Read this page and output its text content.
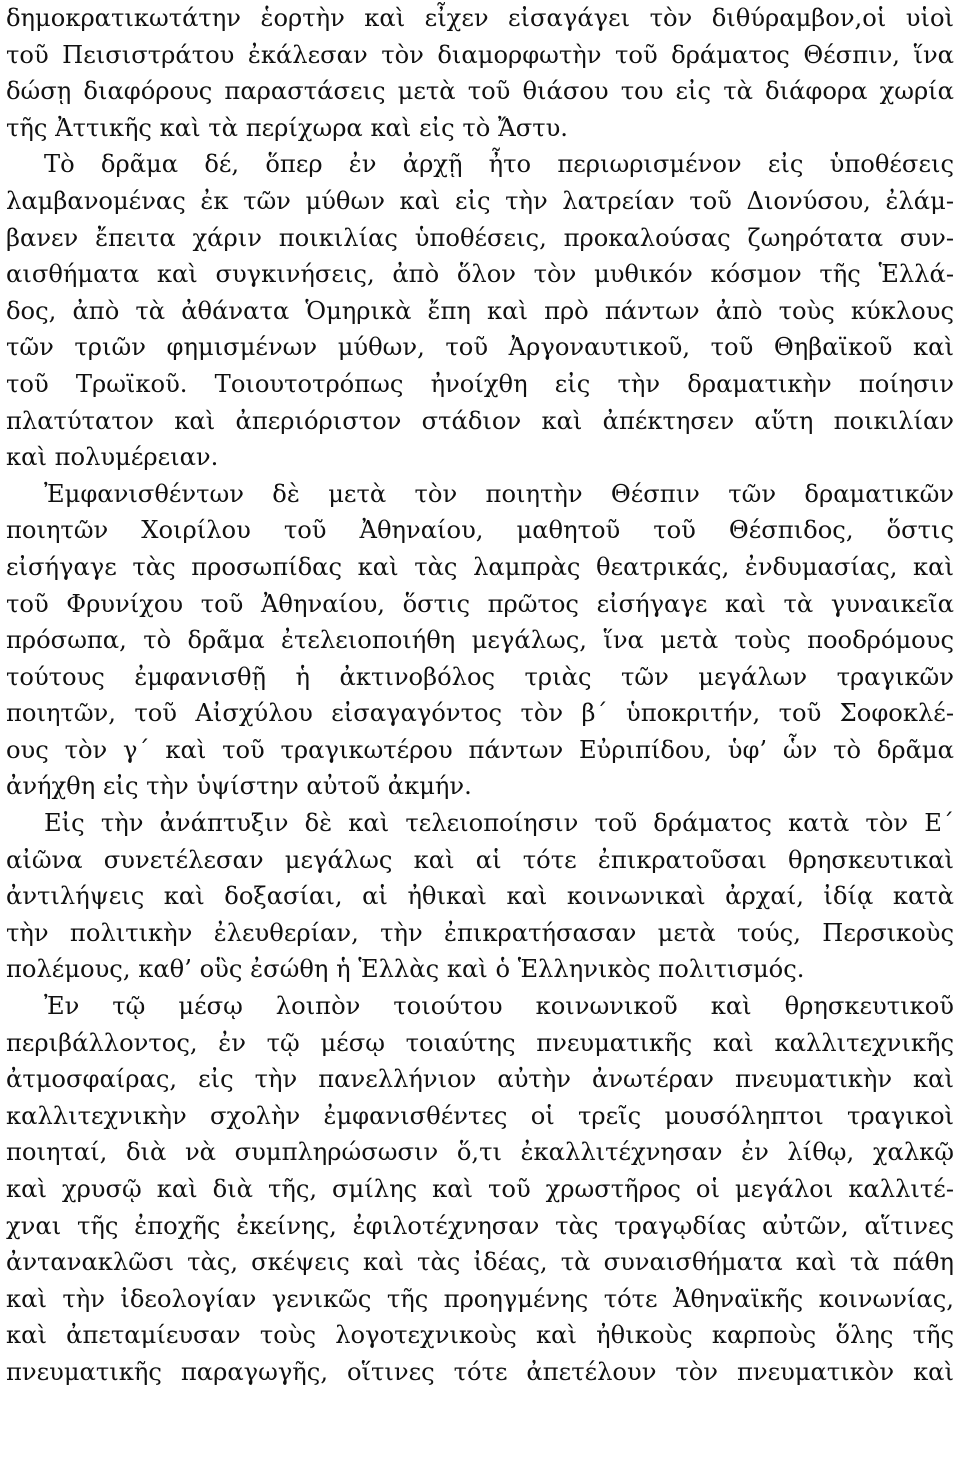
δημοκρατικωτάτην ἑορτὴν καὶ εἶχεν εἰσαγάγει τὸν διθύραμβον,οἱ υἱοὶ
τοῦ Πεισιστράτου ἐκάλεσαν τὸν διαμορφωτὴν τοῦ δράματος Θέσπιν, ἵνα
δώσῃ διαφόρους παραστάσεις μετὰ τοῦ θιάσου του εἰς τὰ διάφορα χωρία
τῆς Ἀττικῆς καὶ τὰ περίχωρα καὶ εἰς τὸ Ἄστυ.
Τὸ δρᾶμα δέ, ὅπερ ἐν ἀρχῇ ἦτο περιωρισμένον εἰς ὑποθέσεις
λαμβανομένας ἐκ τῶν μύθων καὶ εἰς τὴν λατρείαν τοῦ Διονύσου, ἐλάμ-
βανεν ἔπειτα χάριν ποικιλίας ὑποθέσεις, προκαλούσας ζωηρότατα συν-
αισθήματα καὶ συγκινήσεις, ἀπὸ ὅλον τὸν μυθικόν κόσμον τῆς Ἑλλά-
δος, ἀπὸ τὰ ἀθάνατα Ὁμηρικὰ ἔπη καὶ πρὸ πάντων ἀπὸ τοὺς κύκλους
τῶν τριῶν φημισμένων μύθων, τοῦ Ἀργοναυτικοῦ, τοῦ Θηβαϊκοῦ καὶ
τοῦ Τρωϊκοῦ. Τοιουτοτρόπως ἠνοίχθη εἰς τὴν δραματικὴν ποίησιν
πλατύτατον καὶ ἀπεριόριστον στάδιον καὶ ἀπέκτησεν αὕτη ποικιλίαν
καὶ πολυμέρειαν.
Ἐμφανισθέντων δὲ μετὰ τὸν ποιητὴν Θέσπιν τῶν δραματικῶν
ποιητῶν Χοιρίλου τοῦ Ἀθηναίου, μαθητοῦ τοῦ Θέσπιδος, ὅστις
εἰσήγαγε τὰς προσωπίδας καὶ τὰς λαμπρὰς θεατρικάς, ἐνδυμασίας, καὶ
τοῦ Φρυνίχου τοῦ Ἀθηναίου, ὅστις πρῶτος εἰσήγαγε καὶ τὰ γυναικεῖα
πρόσωπα, τὸ δρᾶμα ἐτελειοποιήθη μεγάλως, ἵνα μετὰ τοὺς ποοδρόμους
τούτους ἐμφανισθῇ ἡ ἀκτινοβόλος τριὰς τῶν μεγάλων τραγικῶν
ποιητῶν, τοῦ Αἰσχύλου εἰσαγαγόντος τὸν β´ ὑποκριτήν, τοῦ Σοφοκλέ-
ους τὸν γ´ καὶ τοῦ τραγικωτέρου πάντων Εὐριπίδου, ὑφ’ ὧν τὸ δρᾶμα
ἀνήχθη εἰς τὴν ὑψίστην αὐτοῦ ἀκμήν.
Εἰς τὴν ἀνάπτυξιν δὲ καὶ τελειοποίησιν τοῦ δράματος κατὰ τὸν Ε´
αἰῶνα συνετέλεσαν μεγάλως καὶ αἱ τότε ἐπικρατοῦσαι θρησκευτικαὶ
ἀντιλήψεις καὶ δοξασίαι, αἱ ἠθικαὶ καὶ κοινωνικαὶ ἀρχαί, ἰδίᾳ κατὰ
τὴν πολιτικὴν ἐλευθερίαν, τὴν ἐπικρατήσασαν μετὰ τούς, Περσικοὺς
πολέμους, καθ’ οὓς ἐσώθη ἡ Ἑλλὰς καὶ ὁ Ἑλληνικὸς πολιτισμός.
Ἐν τῷ μέσῳ λοιπὸν τοιούτου κοινωνικοῦ καὶ θρησκευτικοῦ
περιβάλλοντος, ἐν τῷ μέσῳ τοιαύτης πνευματικῆς καὶ καλλιτεχνικῆς
ἀτμοσφαίρας, εἰς τὴν πανελλήνιον αὐτὴν ἀνωτέραν πνευματικὴν καὶ
καλλιτεχνικὴν σχολὴν ἐμφανισθέντες οἱ τρεῖς μουσόληπτοι τραγικοὶ
ποιηταί, διὰ νὰ συμπληρώσωσιν ὅ,τι ἐκαλλιτέχνησαν ἐν λίθῳ, χαλκῷ
καὶ χρυσῷ καὶ διὰ τῆς, σμίλης καὶ τοῦ χρωστῆρος οἱ μεγάλοι καλλιτέ-
χναι τῆς ἐποχῆς ἐκείνης, ἐφιλοτέχνησαν τὰς τραγῳδίας αὐτῶν, αἵτινες
ἀντανακλῶσι τὰς, σκέψεις καὶ τὰς ἰδέας, τὰ συναισθήματα καὶ τὰ πάθη
καὶ τὴν ἰδεολογίαν γενικῶς τῆς προηγμένης τότε Ἀθηναϊκῆς κοινωνίας,
καὶ ἀπεταμίευσαν τοὺς λογοτεχνικοὺς καὶ ἠθικοὺς καρποὺς ὅλης τῆς
πνευματικῆς παραγωγῆς, οἵτινες τότε ἀπετέλουν τὸν πνευματικὸν καὶ
